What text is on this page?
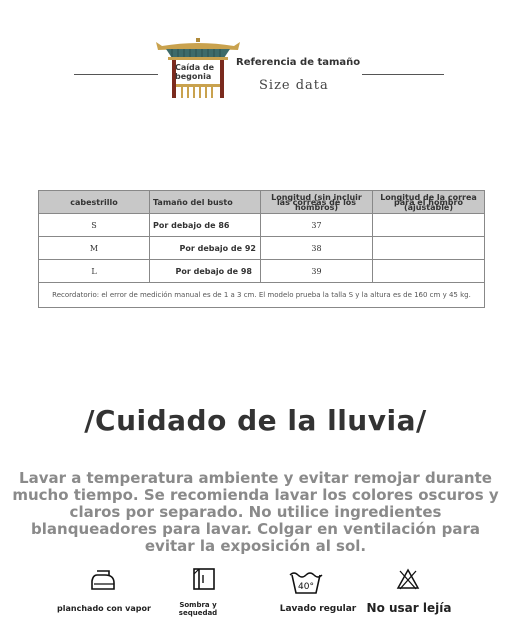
Caída de begonia
Referencia de tamaño
Size data
cabestrillo	Tamaño del busto	Longitud (sin incluir las correas de los hombros)	Longitud de la correa para el hombro (ajustable)
S	Por debajo de 86	37	
M	Por debajo de 92	38	
L	Por debajo de 98	39	
Recordatorio: el error de medición manual es de 1 a 3 cm. El modelo prueba la talla S y la altura es de 160 cm y 45 kg.			
/Cuidado de la lluvia/
Lavar a temperatura ambiente y evitar remojar durante mucho tiempo. Se recomienda lavar los colores oscuros y claros por separado. No utilice ingredientes blanqueadores para lavar. Colgar en ventilación para evitar la exposición al sol.
planchado con vapor	Sombra y sequedad
40°
Lavado regular No usar lejía
